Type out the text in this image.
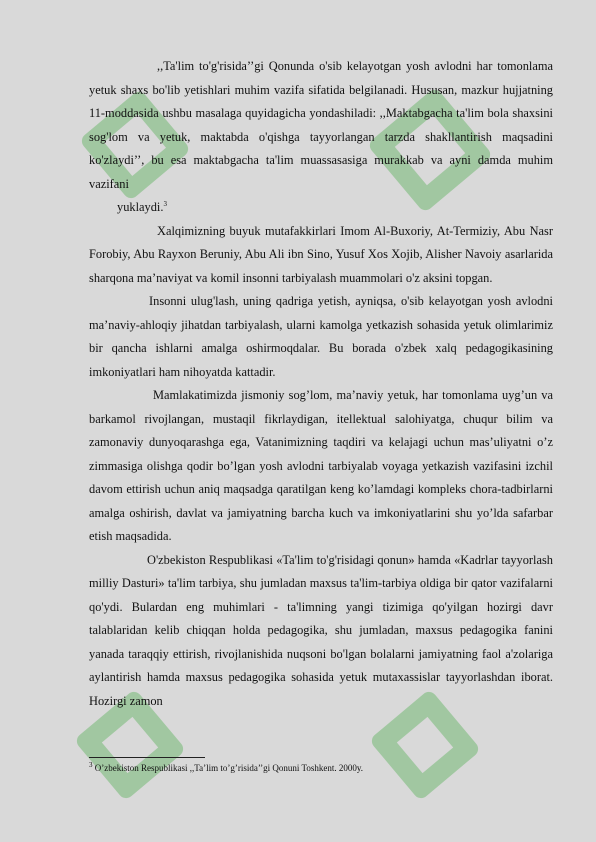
,,Ta'lim to'g'risida’’gi Qonunda o'sib kelayotgan yosh avlodni har tomonlama yetuk shaxs bo'lib yetishlari muhim vazifa sifatida belgilanadi. Hususan, mazkur hujjatning 11-moddasida ushbu masalaga quyidagicha yondashiladi: ,,Maktabgacha ta'lim bola shaxsini sog'lom va yetuk, maktabda o'qishga tayyorlangan tarzda shakllantirish maqsadini ko'zlaydi’’, bu esa maktabgacha ta'lim muassasasiga murakkab va ayni damda muhim vazifani

yuklaydi.$^3$

Xalqimizning buyuk mutafakkirlari Imom Al-Buxoriy, At-Termiziy, Abu Nasr Forobiy, Abu Rayxon Beruniy, Abu Ali ibn Sino, Yusuf Xos Xojib, Alisher Navoiy asarlarida sharqona ma’naviyat va komil insonni tarbiyalash muammolari o'z aksini topgan.

Insonni ulug'lash, uning qadriga yetish, ayniqsa, o'sib kelayotgan yosh avlodni ma’naviy-ahloqiy jihatdan tarbiyalash, ularni kamolga yetkazish sohasida yetuk olimlarimiz bir qancha ishlarni amalga oshirmoqdalar. Bu borada o'zbek xalq pedagogikasining imkoniyatlari ham nihoyatda kattadir.

Mamlakatimizda jismoniy sog’lom, ma’naviy yetuk, har tomonlama uyg’un va barkamol rivojlangan, mustaqil fikrlaydigan, itellektual salohiyatga, chuqur bilim va zamonaviy dunyoqarashga ega, Vatanimizning taqdiri va kelajagi uchun mas’uliyatni o’z zimmasiga olishga qodir bo’lgan yosh avlodni tarbiyalab voyaga yetkazish vazifasini izchil davom ettirish uchun aniq maqsadga qaratilgan keng ko’lamdagi kompleks chora-tadbirlarni amalga oshirish, davlat va jamiyatning barcha kuch va imkoniyatlarini shu yo’lda safarbar etish maqsadida.

O'zbekiston Respublikasi «Ta'lim to'g'risidagi qonun» hamda «Kadrlar tayyorlash milliy Dasturi» ta'lim tarbiya, shu jumladan maxsus ta'lim-tarbiya oldiga bir qator vazifalarni qo'ydi. Bulardan eng muhimlari - ta'limning yangi tizimiga qo'yilgan hozirgi davr talablaridan kelib chiqqan holda pedagogika, shu jumladan, maxsus pedagogika fanini yanada taraqqiy ettirish, rivojlanishida nuqsoni bo'lgan bolalarni jamiyatning faol a'zolariga aylantirish hamda maxsus pedagogika sohasida yetuk mutaxassislar tayyorlashdan iborat. Hozirgi zamon

$^3$ O’zbekiston Respublikasi ,,Ta’lim to’g’risida’’gi Qonuni Toshkent. 2000y.
